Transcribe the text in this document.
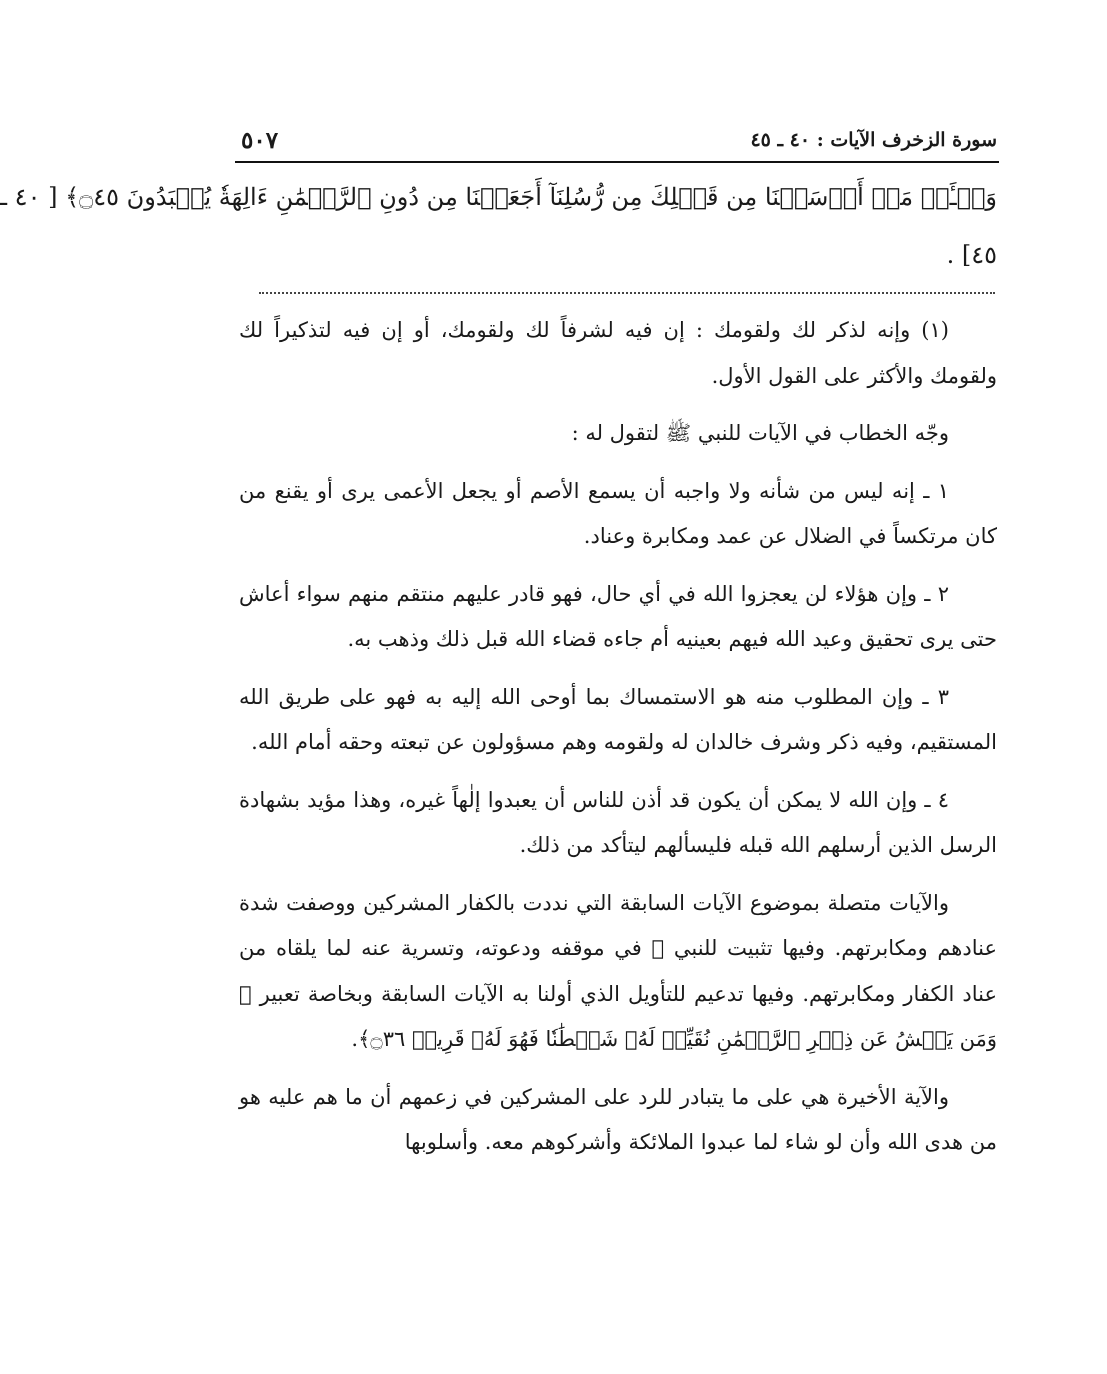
سورة الزخرف الآيات : ٤٠ ـ ٤٥
٥٠٧
وَسۡـَٔلۡ مَنۡ أَرۡسَلۡنَا مِن قَبۡلِكَ مِن رُّسُلِنَآ أَجَعَلۡنَا مِن دُونِ ٱلرَّحۡمَٰنِ ءَالِهَةٗ يُعۡبَدُونَ ۝٤٥﴾ [ ٤٠ ـ
٤٥] .

(١) وإنه لذكر لك ولقومك : إن فيه لشرفاً لك ولقومك، أو إن فيه لتذكيراً لك ولقومك والأكثر على القول الأول.

وجّه الخطاب في الآيات للنبي ﷺ لتقول له :

١ ـ إنه ليس من شأنه ولا واجبه أن يسمع الأصم أو يجعل الأعمى يرى أو يقنع من كان مرتكساً في الضلال عن عمد ومكابرة وعناد.

٢ ـ وإن هؤلاء لن يعجزوا الله في أي حال، فهو قادر عليهم منتقم منهم سواء أعاش حتى يرى تحقيق وعيد الله فيهم بعينيه أم جاءه قضاء الله قبل ذلك وذهب به.

٣ ـ وإن المطلوب منه هو الاستمساك بما أوحى الله إليه به فهو على طريق الله المستقيم، وفيه ذكر وشرف خالدان له ولقومه وهم مسؤولون عن تبعته وحقه أمام الله.

٤ ـ وإن الله لا يمكن أن يكون قد أذن للناس أن يعبدوا إلٰهاً غيره، وهذا مؤيد بشهادة الرسل الذين أرسلهم الله قبله فليسألهم ليتأكد من ذلك.

والآيات متصلة بموضوع الآيات السابقة التي نددت بالكفار المشركين ووصفت شدة عنادهم ومكابرتهم. وفيها تثبيت للنبي ﷺ في موقفه ودعوته، وتسرية عنه لما يلقاه من عناد الكفار ومكابرتهم. وفيها تدعيم للتأويل الذي أولنا به الآيات السابقة وبخاصة تعبير ﴿ وَمَن يَعۡشُ عَن ذِكۡرِ ٱلرَّحۡمَٰنِ نُقَيِّضۡ لَهُۥ شَيۡطَٰنٗا فَهُوَ لَهُۥ قَرِينٞ ۝٣٦﴾.

والآية الأخيرة هي على ما يتبادر للرد على المشركين في زعمهم أن ما هم عليه هو من هدى الله وأن لو شاء لما عبدوا الملائكة وأشركوهم معه. وأسلوبها
